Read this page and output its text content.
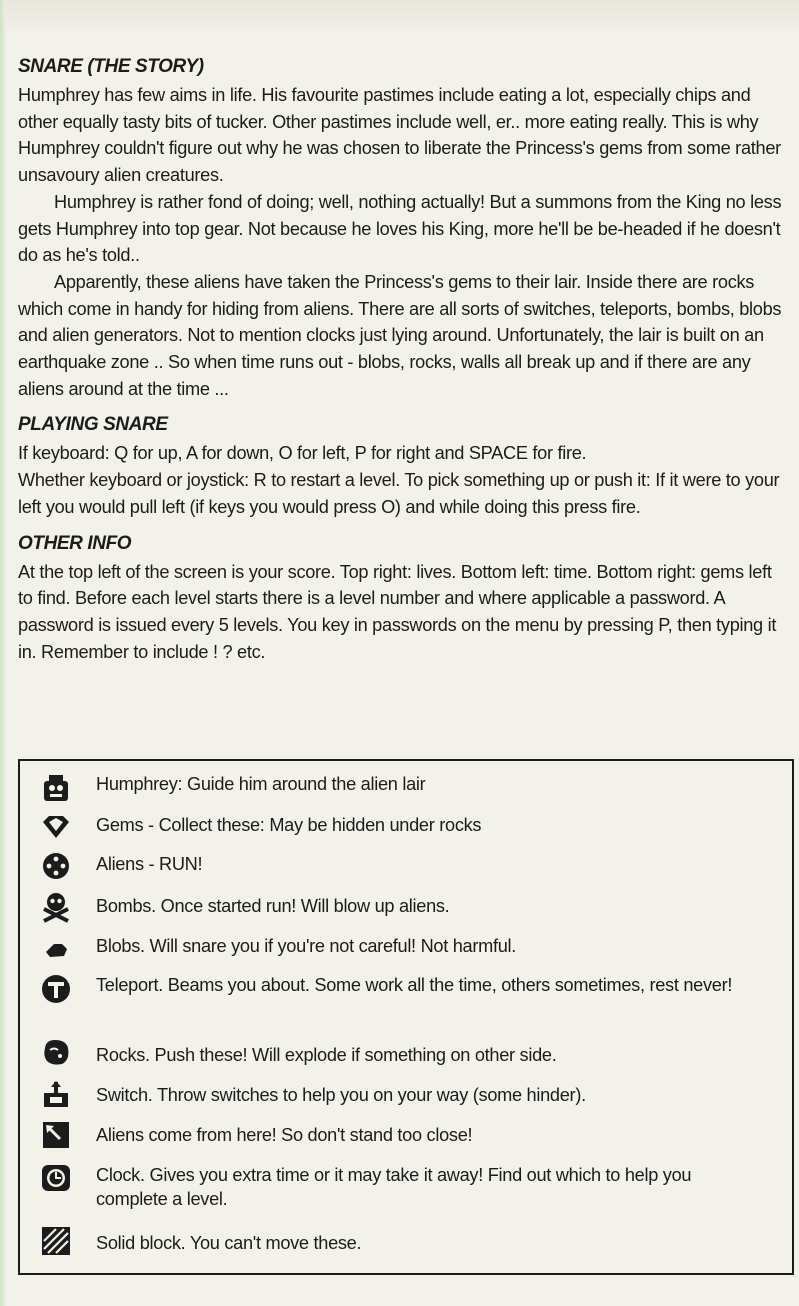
SNARE (THE STORY)

Humphrey has few aims in life. His favourite pastimes include eating a lot, especially chips and other equally tasty bits of tucker. Other pastimes include well, er.. more eating really. This is why Humphrey couldn't figure out why he was chosen to liberate the Princess's gems from some rather unsavoury alien creatures.

Humphrey is rather fond of doing; well, nothing actually! But a summons from the King no less gets Humphrey into top gear. Not because he loves his King, more he'll be be-headed if he doesn't do as he's told..

Apparently, these aliens have taken the Princess's gems to their lair. Inside there are rocks which come in handy for hiding from aliens. There are all sorts of switches, teleports, bombs, blobs and alien generators. Not to mention clocks just lying around. Unfortunately, the lair is built on an earthquake zone .. So when time runs out - blobs, rocks, walls all break up and if there are any aliens around at the time ...

PLAYING SNARE

If keyboard: Q for up, A for down, O for left, P for right and SPACE for fire.

Whether keyboard or joystick: R to restart a level. To pick something up or push it: If it were to your left you would pull left (if keys you would press O) and while doing this press fire.

OTHER INFO

At the top left of the screen is your score. Top right: lives. Bottom left: time. Bottom right: gems left to find. Before each level starts there is a level number and where applicable a password. A password is issued every 5 levels. You key in passwords on the menu by pressing P, then typing it in. Remember to include ! ? etc.

Humphrey: Guide him around the alien lair
Gems - Collect these: May be hidden under rocks
Aliens - RUN!
Bombs. Once started run! Will blow up aliens.
Blobs. Will snare you if you're not careful! Not harmful.
Teleport. Beams you about. Some work all the time, others sometimes, rest never!
Rocks. Push these! Will explode if something on other side.
Switch. Throw switches to help you on your way (some hinder).
Aliens come from here! So don't stand too close!
Clock. Gives you extra time or it may take it away! Find out which to help you complete a level.
Solid block. You can't move these.
